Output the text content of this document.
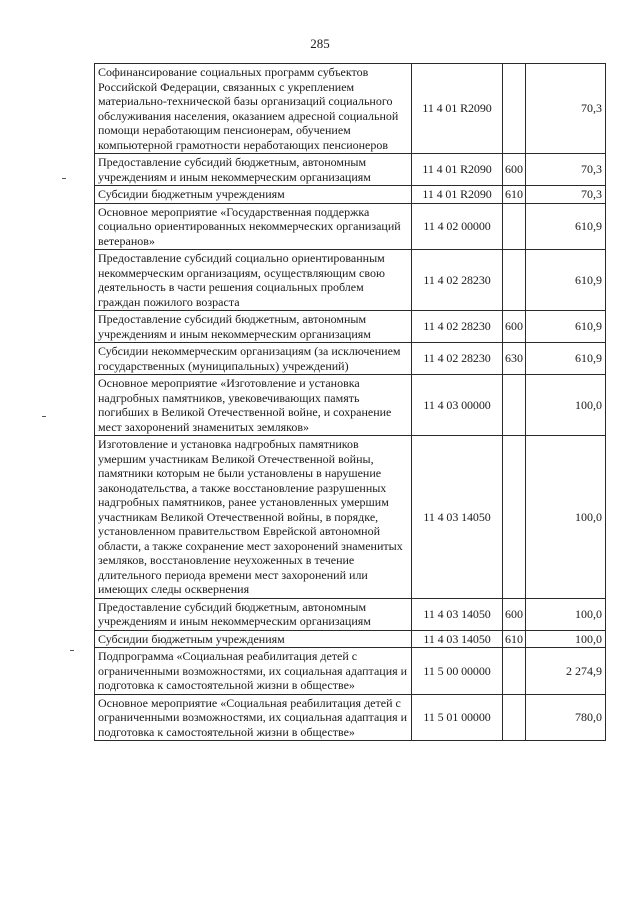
285
Софинансирование социальных программ субъектов Российской Федерации, связанных с укреплением материально-технической базы организаций социального обслуживания населения, оказанием адресной социальной помощи неработающим пенсионерам, обучением компьютерной грамотности неработающих пенсионеров	11 4 01 R2090		70,3
Предоставление субсидий бюджетным, автономным учреждениям и иным некоммерческим организациям	11 4 01 R2090	600	70,3
Субсидии бюджетным учреждениям	11 4 01 R2090	610	70,3
Основное мероприятие «Государственная поддержка социально ориентированных некоммерческих организаций ветеранов»	11 4 02 00000		610,9
Предоставление субсидий социально ориентированным некоммерческим организациям, осуществляющим свою деятельность в части решения социальных проблем граждан пожилого возраста	11 4 02 28230		610,9
Предоставление субсидий бюджетным, автономным учреждениям и иным некоммерческим организациям	11 4 02 28230	600	610,9
Субсидии некоммерческим организациям (за исключением государственных (муниципальных) учреждений)	11 4 02 28230	630	610,9
Основное мероприятие «Изготовление и установка надгробных памятников, увековечивающих память погибших в Великой Отечественной войне, и сохранение мест захоронений знаменитых земляков»	11 4 03 00000		100,0
Изготовление и установка надгробных памятников умершим участникам Великой Отечественной войны, памятники которым не были установлены в нарушение законодательства, а также восстановление разрушенных надгробных памятников, ранее установленных умершим участникам Великой Отечественной войны, в порядке, установленном правительством Еврейской автономной области, а также сохранение мест захоронений знаменитых земляков, восстановление неухоженных в течение длительного периода времени мест захоронений или имеющих следы осквернения	11 4 03 14050		100,0
Предоставление субсидий бюджетным, автономным учреждениям и иным некоммерческим организациям	11 4 03 14050	600	100,0
Субсидии бюджетным учреждениям	11 4 03 14050	610	100,0
Подпрограмма «Социальная реабилитация детей с ограниченными возможностями, их социальная адаптация и подготовка к самостоятельной жизни в обществе»	11 5 00 00000		2 274,9
Основное мероприятие «Социальная реабилитация детей с ограниченными возможностями, их социальная адаптация и подготовка к самостоятельной жизни в обществе»	11 5 01 00000		780,0
